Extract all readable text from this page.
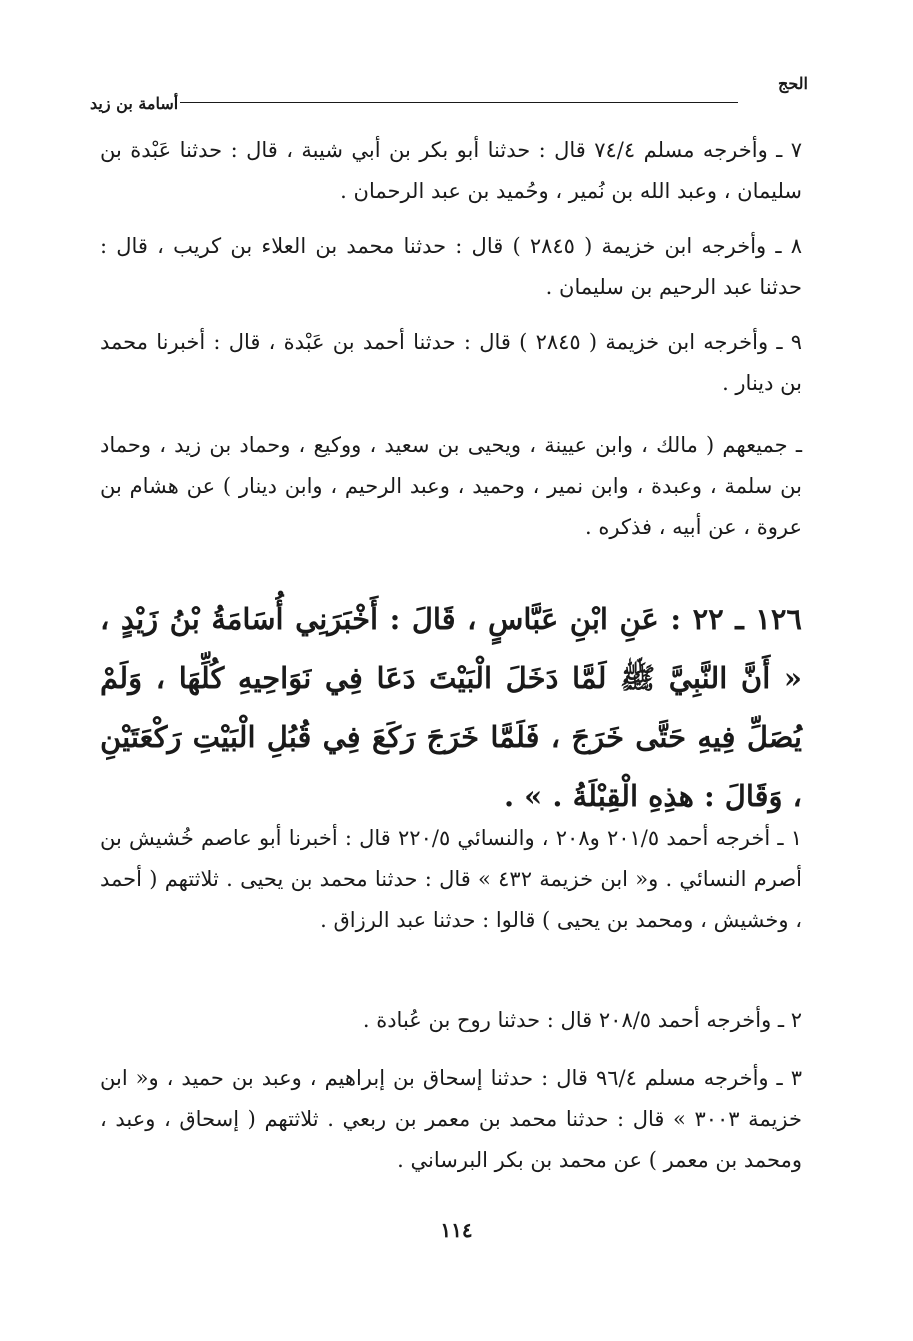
الحج
أسامة بن زيد

٧ ـ وأخرجه مسلم ٧٤/٤ قال : حدثنا أبو بكر بن أبي شيبة ، قال : حدثنا عَبْدة بن سليمان ، وعبد الله بن نُمير ، وحُميد بن عبد الرحمان .

٨ ـ وأخرجه ابن خزيمة ( ٢٨٤٥ ) قال : حدثنا محمد بن العلاء بن كريب ، قال : حدثنا عبد الرحيم بن سليمان .

٩ ـ وأخرجه ابن خزيمة ( ٢٨٤٥ ) قال : حدثنا أحمد بن عَبْدة ، قال : أخبرنا محمد بن دينار .

ـ جميعهم ( مالك ، وابن عيينة ، ويحيى بن سعيد ، ووكيع ، وحماد بن زيد ، وحماد بن سلمة ، وعبدة ، وابن نمير ، وحميد ، وعبد الرحيم ، وابن دينار ) عن هشام بن عروة ، عن أبيه ، فذكره .

١٢٦ ـ ٢٢ : عَنِ ابْنِ عَبَّاسٍ ، قَالَ : أَخْبَرَنِي أُسَامَةُ بْنُ زَيْدٍ ، « أَنَّ النَّبِيَّ ﷺ لَمَّا دَخَلَ الْبَيْتَ دَعَا فِي نَوَاحِيهِ كُلِّهَا ، وَلَمْ يُصَلِّ فِيهِ حَتَّى خَرَجَ ، فَلَمَّا خَرَجَ رَكَعَ فِي قُبُلِ الْبَيْتِ رَكْعَتَيْنِ ، وَقَالَ : هذِهِ الْقِبْلَةُ . » .

١ ـ أخرجه أحمد ٢٠١/٥ و٢٠٨ ، والنسائي ٢٢٠/٥ قال : أخبرنا أبو عاصم خُشيش بن أصرم النسائي . و« ابن خزيمة ٤٣٢ » قال : حدثنا محمد بن يحيى . ثلاثتهم ( أحمد ، وخشيش ، ومحمد بن يحيى ) قالوا : حدثنا عبد الرزاق .

٢ ـ وأخرجه أحمد ٢٠٨/٥ قال : حدثنا روح بن عُبادة .

٣ ـ وأخرجه مسلم ٩٦/٤ قال : حدثنا إسحاق بن إبراهيم ، وعبد بن حميد ، و« ابن خزيمة ٣٠٠٣ » قال : حدثنا محمد بن معمر بن ربعي . ثلاثتهم ( إسحاق ، وعبد ، ومحمد بن معمر ) عن محمد بن بكر البرساني .

١١٤
